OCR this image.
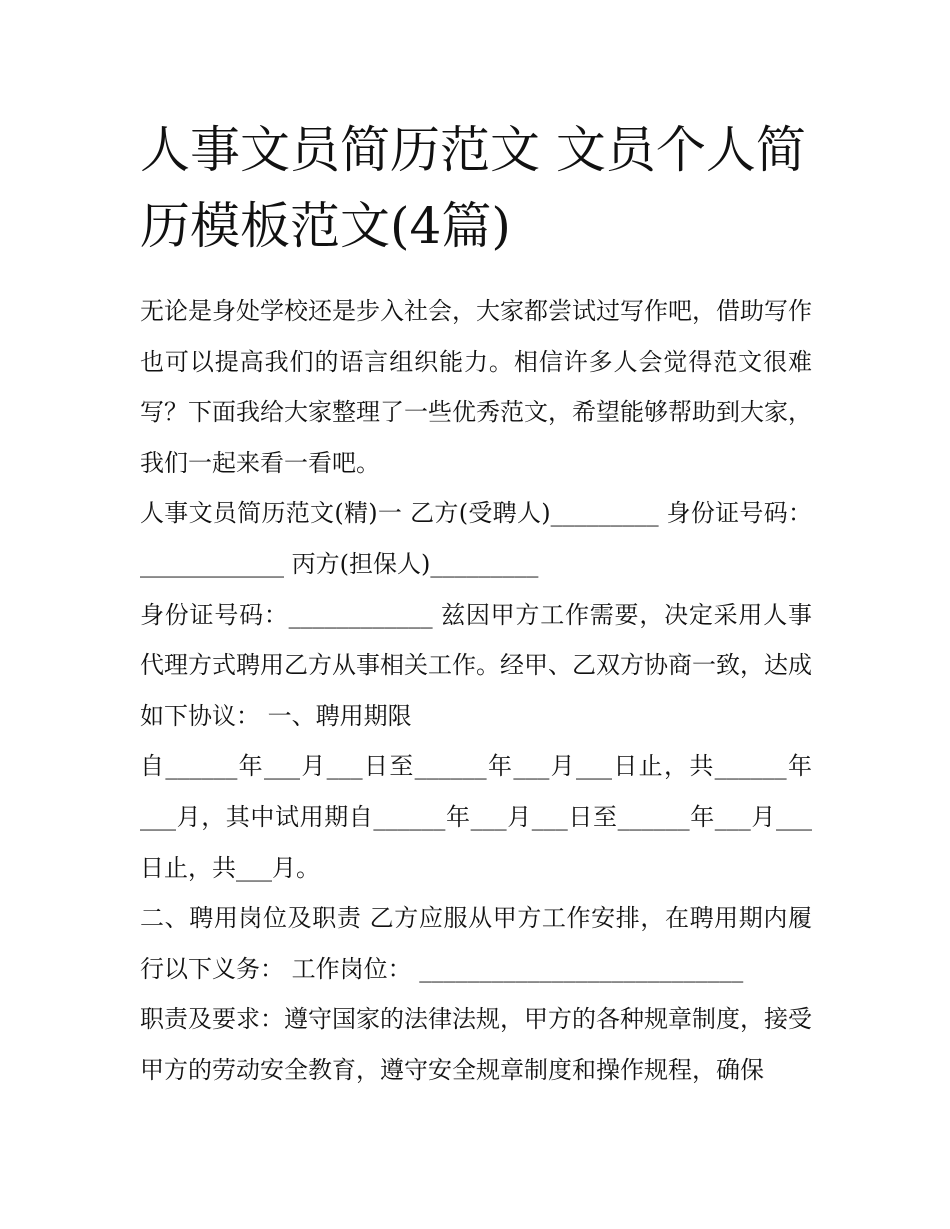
人事文员简历范文 文员个人简历模板范文(4篇)

无论是身处学校还是步入社会，大家都尝试过写作吧，借助写作也可以提高我们的语言组织能力。相信许多人会觉得范文很难写？下面我给大家整理了一些优秀范文，希望能够帮助到大家，我们一起来看一看吧。

人事文员简历范文(精)一 乙方(受聘人)_________ 身份证号码：____________ 丙方(担保人)_________

身份证号码：____________ 兹因甲方工作需要，决定采用人事代理方式聘用乙方从事相关工作。经甲、乙双方协商一致，达成如下协议： 一、聘用期限

自______年___月___日至______年___月___日止，共______年___月，其中试用期自______年___月___日至______年___月___日止，共___月。

二、聘用岗位及职责 乙方应服从甲方工作安排，在聘用期内履行以下义务： 工作岗位： ___________________________

职责及要求：遵守国家的法律法规，甲方的各种规章制度，接受甲方的劳动安全教育，遵守安全规章制度和操作规程，确保
